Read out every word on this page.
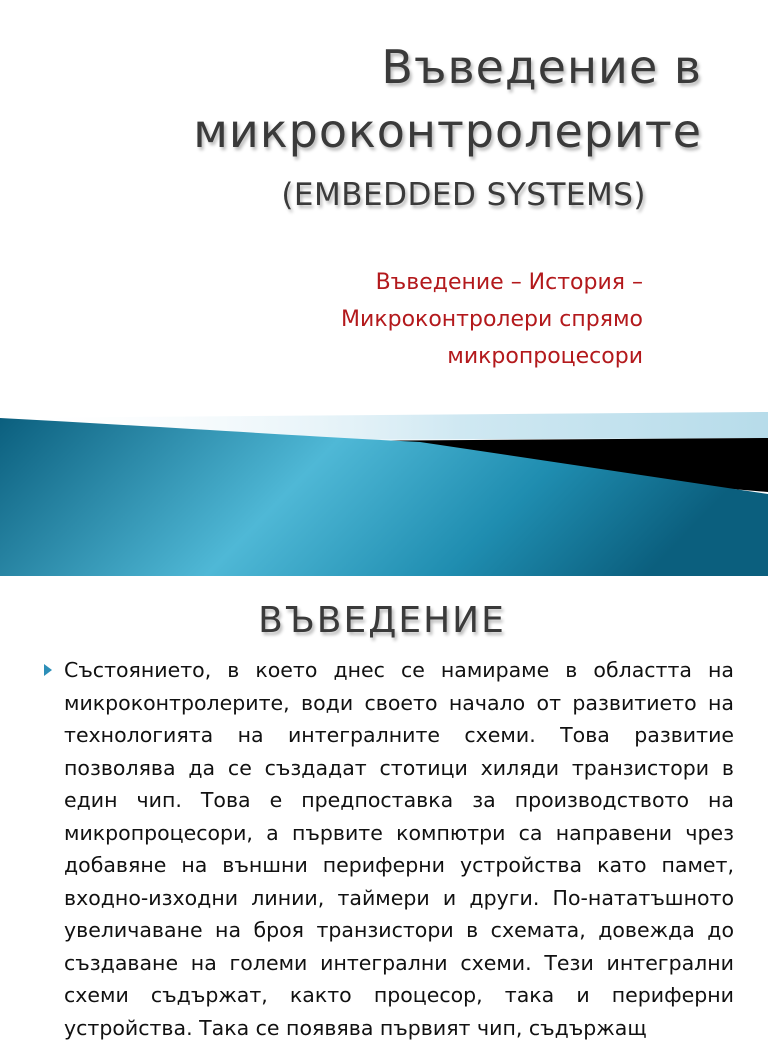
Въведение в
микроконтролерите
(EMBEDDED SYSTEMS)
Въведение – История –
Микроконтролери спрямо
микропроцесори
ВЪВЕДЕНИЕ
Състоянието, в което днес се намираме в областта на микроконтролерите, води своето начало от развитието на технологията на интегралните схеми. Това развитие позволява да се създадат стотици хиляди транзистори в един чип. Това е предпоставка за производството на микропроцесори, а първите компютри са направени чрез добавяне на външни периферни устройства като памет, входно-изходни линии, таймери и други. По-нататъшното увеличаване на броя транзистори в схемата, довежда до създаване на големи интегрални схеми. Тези интегрални схеми съдържат, както процесор, така и периферни устройства. Така се появява първият чип, съдържащ
